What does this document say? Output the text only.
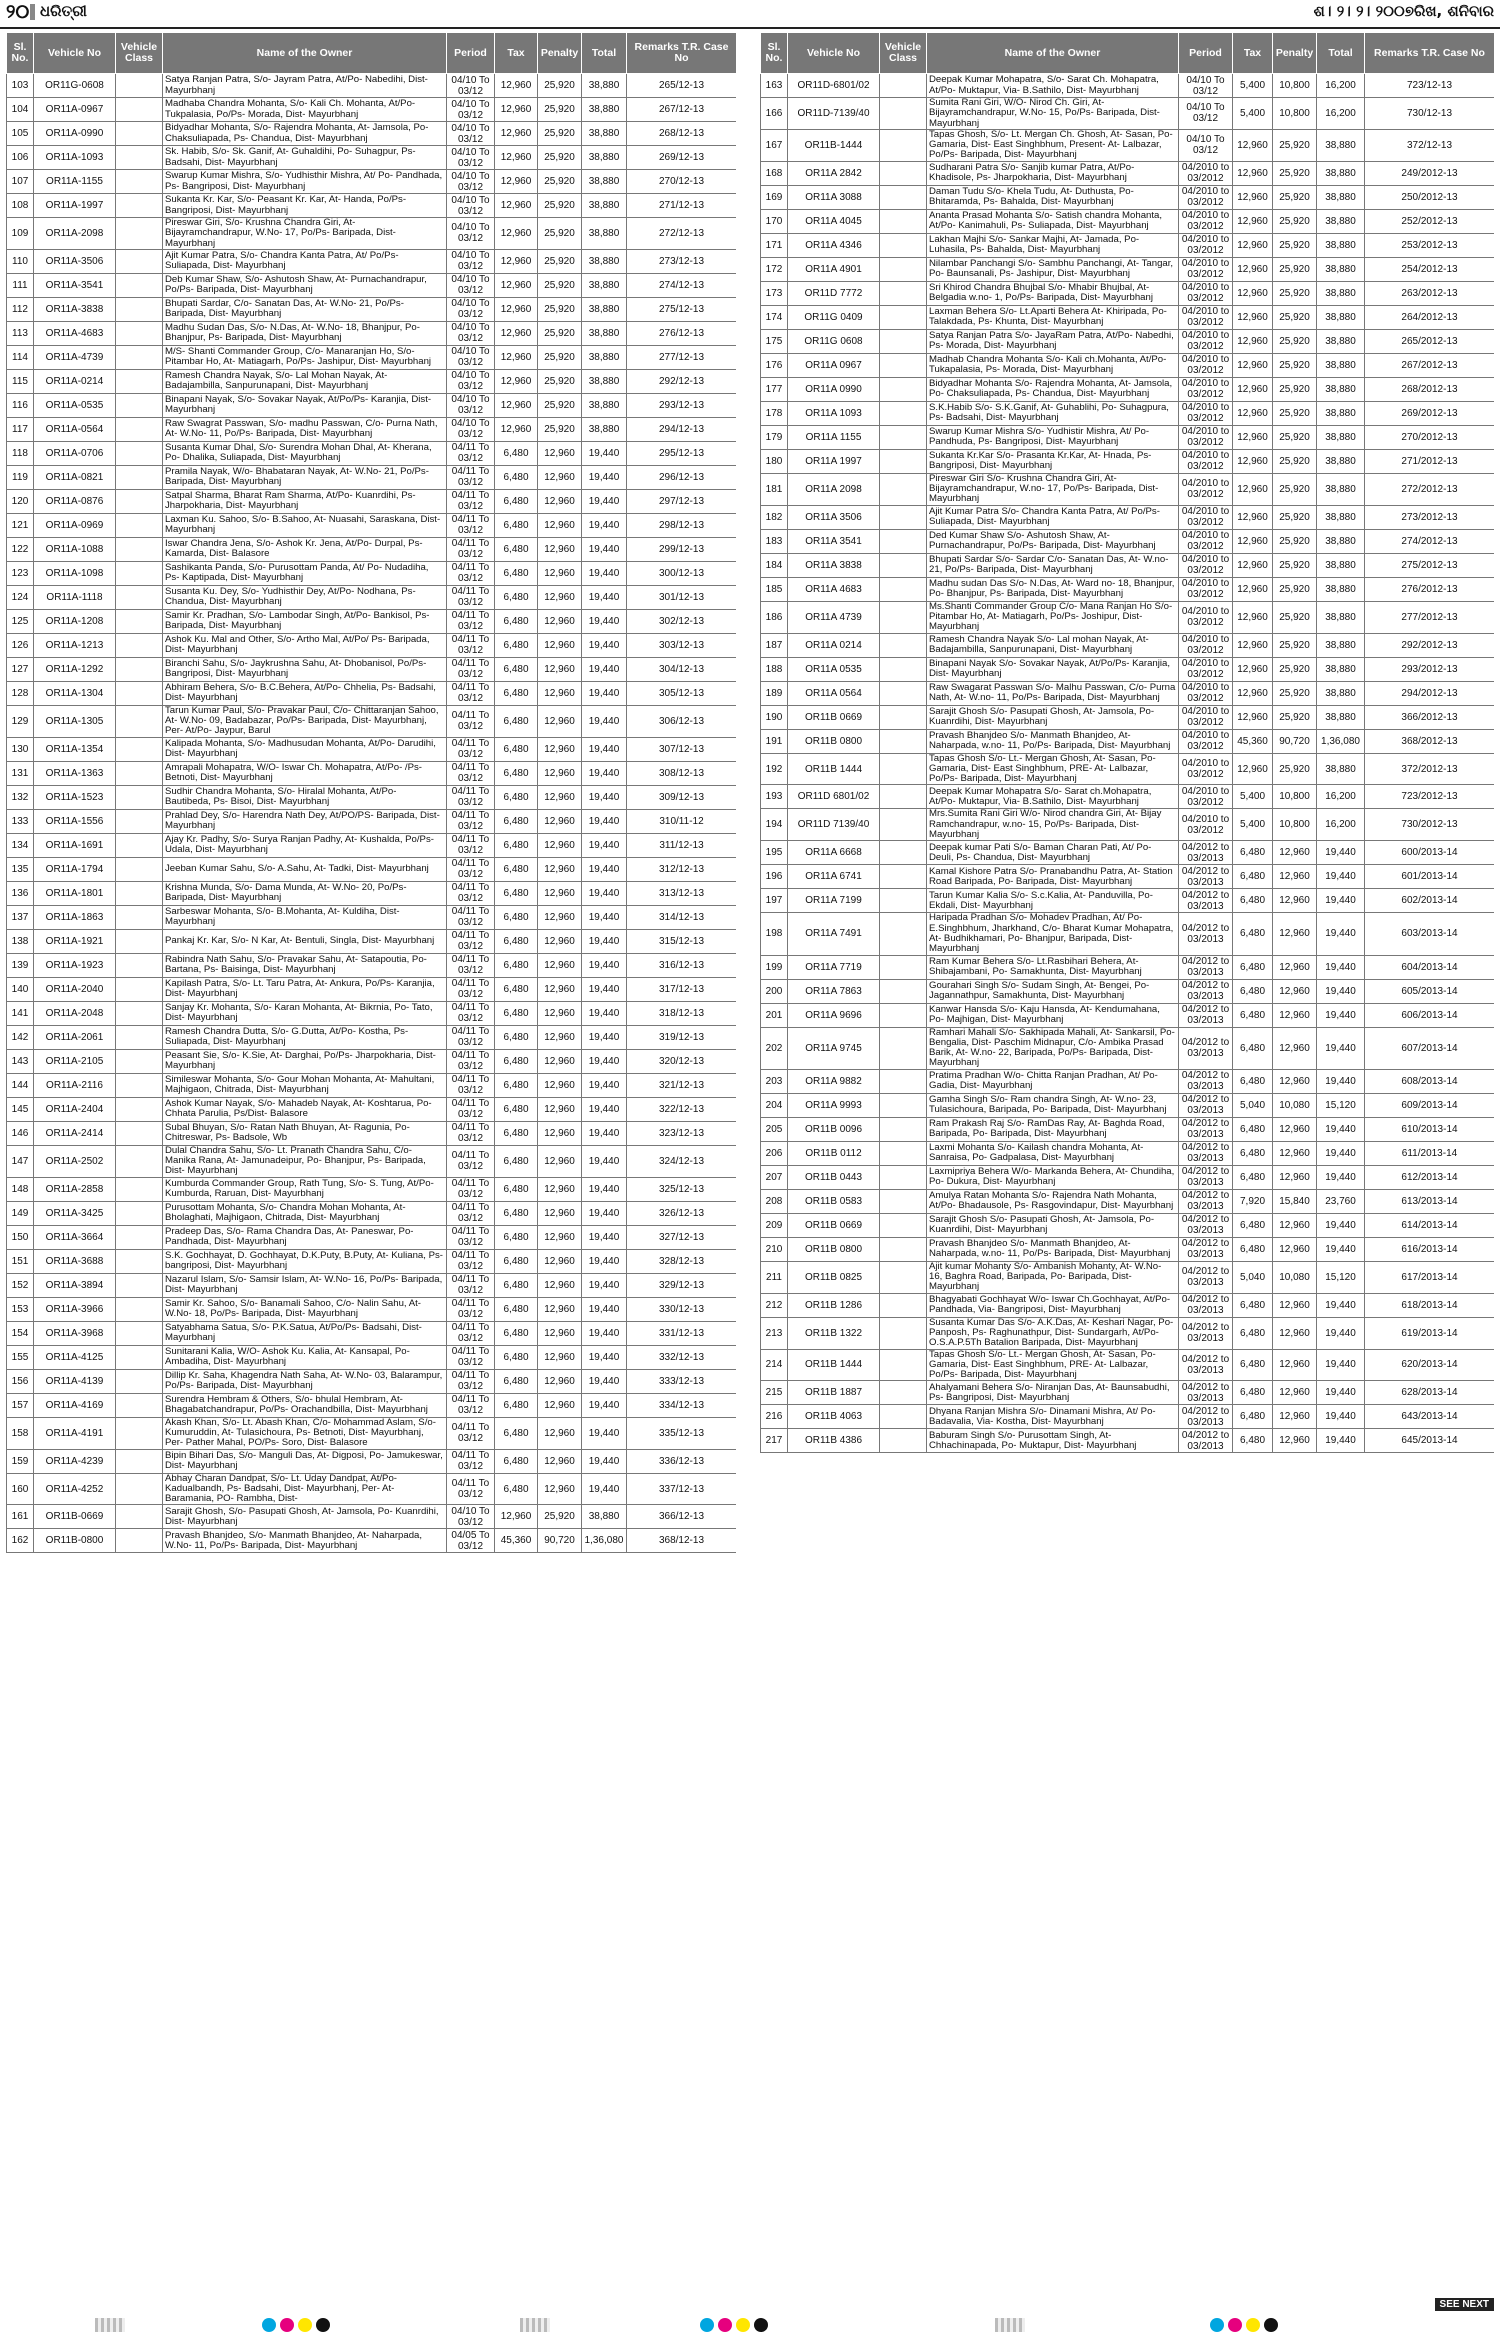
୨୦ ଧରିତ୍ରୀ	ଶ। ୨। ୨। ୨୦୦୭ରିଖ, ଶନିବାର
Sl. No.	Vehicle No	Vehicle Class	Name of the Owner	Period	Tax	Penalty	Total	Remarks T.R. Case No
103	OR11G-0608		Satya Ranjan Patra, S/o- Jayram Patra, At/Po- Nabedihi, Dist- Mayurbhanj	04/10 To 03/12	12,960	25,920	38,880	265/12-13
104	OR11A-0967		Madhaba Chandra Mohanta, S/o- Kali Ch. Mohanta, At/Po- Tukpalasia, Po/Ps- Morada, Dist- Mayurbhanj	04/10 To 03/12	12,960	25,920	38,880	267/12-13
105	OR11A-0990		Bidyadhar Mohanta, S/o- Rajendra Mohanta, At- Jamsola, Po- Chaksuliapada, Ps- Chandua, Dist- Mayurbhanj	04/10 To 03/12	12,960	25,920	38,880	268/12-13
106	OR11A-1093		Sk. Habib, S/o- Sk. Ganif, At- Guhaldihi, Po- Suhagpur, Ps- Badsahi, Dist- Mayurbhanj	04/10 To 03/12	12,960	25,920	38,880	269/12-13
107	OR11A-1155		Swarup Kumar Mishra, S/o- Yudhisthir Mishra, At/ Po- Pandhada, Ps- Bangriposi, Dist- Mayurbhanj	04/10 To 03/12	12,960	25,920	38,880	270/12-13
108	OR11A-1997		Sukanta Kr. Kar, S/o- Peasant Kr. Kar, At- Handa, Po/Ps- Bangriposi, Dist- Mayurbhanj	04/10 To 03/12	12,960	25,920	38,880	271/12-13
109	OR11A-2098		Pireswar Giri, S/o- Krushna Chandra Giri, At- Bijayramchandrapur, W.No- 17, Po/Ps- Baripada, Dist- Mayurbhanj	04/10 To 03/12	12,960	25,920	38,880	272/12-13
110	OR11A-3506		Ajit Kumar Patra, S/o- Chandra Kanta Patra, At/ Po/Ps- Suliapada, Dist- Mayurbhanj	04/10 To 03/12	12,960	25,920	38,880	273/12-13
111	OR11A-3541		Deb Kumar Shaw, S/o- Ashutosh Shaw, At- Purnachandrapur, Po/Ps- Baripada, Dist- Mayurbhanj	04/10 To 03/12	12,960	25,920	38,880	274/12-13
112	OR11A-3838		Bhupati Sardar, C/o- Sanatan Das, At- W.No- 21, Po/Ps- Baripada, Dist- Mayurbhanj	04/10 To 03/12	12,960	25,920	38,880	275/12-13
113	OR11A-4683		Madhu Sudan Das, S/o- N.Das, At- W.No- 18, Bhanjpur, Po- Bhanjpur, Ps- Baripada, Dist- Mayurbhanj	04/10 To 03/12	12,960	25,920	38,880	276/12-13
114	OR11A-4739		M/S- Shanti Commander Group, C/o- Manaranjan Ho, S/o- Pitambar Ho, At- Matiagarh, Po/Ps- Jashipur, Dist- Mayurbhanj	04/10 To 03/12	12,960	25,920	38,880	277/12-13
115	OR11A-0214		Ramesh Chandra Nayak, S/o- Lal Mohan Nayak, At- Badajambilla, Sanpurunapani, Dist- Mayurbhanj	04/10 To 03/12	12,960	25,920	38,880	292/12-13
116	OR11A-0535		Binapani Nayak, S/o- Sovakar Nayak, At/Po/Ps- Karanjia, Dist- Mayurbhanj	04/10 To 03/12	12,960	25,920	38,880	293/12-13
117	OR11A-0564		Raw Swagrat Passwan, S/o- madhu Passwan, C/o- Purna Nath, At- W.No- 11, Po/Ps- Baripada, Dist- Mayurbhanj	04/10 To 03/12	12,960	25,920	38,880	294/12-13
118	OR11A-0706		Susanta Kumar Dhal, S/o- Surendra Mohan Dhal, At- Kherana, Po- Dhalika, Suliapada, Dist- Mayurbhanj	04/11 To 03/12	6,480	12,960	19,440	295/12-13
119	OR11A-0821		Pramila Nayak, W/o- Bhabataran Nayak, At- W.No- 21, Po/Ps- Baripada, Dist- Mayurbhanj	04/11 To 03/12	6,480	12,960	19,440	296/12-13
120	OR11A-0876		Satpal Sharma, Bharat Ram Sharma, At/Po- Kuanrdihi, Ps- Jharpokharia, Dist- Mayurbhanj	04/11 To 03/12	6,480	12,960	19,440	297/12-13
121	OR11A-0969		Laxman Ku. Sahoo, S/o- B.Sahoo, At- Nuasahi, Saraskana, Dist- Mayurbhanj	04/11 To 03/12	6,480	12,960	19,440	298/12-13
122	OR11A-1088		Iswar Chandra Jena, S/o- Ashok Kr. Jena, At/Po- Durpal, Ps- Kamarda, Dist- Balasore	04/11 To 03/12	6,480	12,960	19,440	299/12-13
123	OR11A-1098		Sashikanta Panda, S/o- Purusottam Panda, At/ Po- Nudadiha, Ps- Kaptipada, Dist- Mayurbhanj	04/11 To 03/12	6,480	12,960	19,440	300/12-13
124	OR11A-1118		Susanta Ku. Dey, S/o- Yudhisthir Dey, At/Po- Nodhana, Ps- Chandua, Dist- Mayurbhanj	04/11 To 03/12	6,480	12,960	19,440	301/12-13
125	OR11A-1208		Samir Kr. Pradhan, S/o- Lambodar Singh, At/Po- Bankisol, Ps- Baripada, Dist- Mayurbhanj	04/11 To 03/12	6,480	12,960	19,440	302/12-13
126	OR11A-1213		Ashok Ku. Mal and Other, S/o- Artho Mal, At/Po/ Ps- Baripada, Dist- Mayurbhanj	04/11 To 03/12	6,480	12,960	19,440	303/12-13
127	OR11A-1292		Biranchi Sahu, S/o- Jaykrushna Sahu, At- Dhobanisol, Po/Ps- Bangriposi, Dist- Mayurbhanj	04/11 To 03/12	6,480	12,960	19,440	304/12-13
128	OR11A-1304		Abhiram Behera, S/o- B.C.Behera, At/Po- Chhelia, Ps- Badsahi, Dist- Mayurbhanj	04/11 To 03/12	6,480	12,960	19,440	305/12-13
129	OR11A-1305		Tarun Kumar Paul, S/o- Pravakar Paul, C/o- Chittaranjan Sahoo, At- W.No- 09, Badabazar, Po/Ps- Baripada, Dist- Mayurbhanj, Per- At/Po- Jaypur, Barul	04/11 To 03/12	6,480	12,960	19,440	306/12-13
130	OR11A-1354		Kalipada Mohanta, S/o- Madhusudan Mohanta, At/Po- Darudihi, Dist- Mayurbhanj	04/11 To 03/12	6,480	12,960	19,440	307/12-13
131	OR11A-1363		Amrapali Mohapatra, W/O- Iswar Ch. Mohapatra, At/Po- /Ps- Betnoti, Dist- Mayurbhanj	04/11 To 03/12	6,480	12,960	19,440	308/12-13
132	OR11A-1523		Sudhir Chandra Mohanta, S/o- Hiralal Mohanta, At/Po- Bautibeda, Ps- Bisoi, Dist- Mayurbhanj	04/11 To 03/12	6,480	12,960	19,440	309/12-13
133	OR11A-1556		Prahlad Dey, S/o- Harendra Nath Dey, At/PO/PS- Baripada, Dist- Mayurbhanj	04/11 To 03/12	6,480	12,960	19,440	310/11-12
134	OR11A-1691		Ajay Kr. Padhy, S/o- Surya Ranjan Padhy, At- Kushalda, Po/Ps- Udala, Dist- Mayurbhanj	04/11 To 03/12	6,480	12,960	19,440	311/12-13
135	OR11A-1794		Jeeban Kumar Sahu, S/o- A.Sahu, At- Tadki, Dist- Mayurbhanj	04/11 To 03/12	6,480	12,960	19,440	312/12-13
136	OR11A-1801		Krishna Munda, S/o- Dama Munda, At- W.No- 20, Po/Ps- Baripada, Dist- Mayurbhanj	04/11 To 03/12	6,480	12,960	19,440	313/12-13
137	OR11A-1863		Sarbeswar Mohanta, S/o- B.Mohanta, At- Kuldiha, Dist- Mayurbhanj	04/11 To 03/12	6,480	12,960	19,440	314/12-13
138	OR11A-1921		Pankaj Kr. Kar, S/o- N Kar, At- Bentuli, Singla, Dist- Mayurbhanj	04/11 To 03/12	6,480	12,960	19,440	315/12-13
139	OR11A-1923		Rabindra Nath Sahu, S/o- Pravakar Sahu, At- Satapoutia, Po- Bartana, Ps- Baisinga, Dist- Mayurbhanj	04/11 To 03/12	6,480	12,960	19,440	316/12-13
140	OR11A-2040		Kapilash Patra, S/o- Lt. Taru Patra, At- Ankura, Po/Ps- Karanjia, Dist- Mayurbhanj	04/11 To 03/12	6,480	12,960	19,440	317/12-13
141	OR11A-2048		Sanjay Kr. Mohanta, S/o- Karan Mohanta, At- Bikrnia, Po- Tato, Dist- Mayurbhanj	04/11 To 03/12	6,480	12,960	19,440	318/12-13
142	OR11A-2061		Ramesh Chandra Dutta, S/o- G.Dutta, At/Po- Kostha, Ps- Suliapada, Dist- Mayurbhanj	04/11 To 03/12	6,480	12,960	19,440	319/12-13
143	OR11A-2105		Peasant Sie, S/o- K.Sie, At- Darghai, Po/Ps- Jharpokharia, Dist- Mayurbhanj	04/11 To 03/12	6,480	12,960	19,440	320/12-13
144	OR11A-2116		Simileswar Mohanta, S/o- Gour Mohan Mohanta, At- Mahultani, Majhigaon, Chitrada, Dist- Mayurbhanj	04/11 To 03/12	6,480	12,960	19,440	321/12-13
145	OR11A-2404		Ashok Kumar Nayak, S/o- Mahadeb Nayak, At- Koshtarua, Po- Chhata Parulia, Ps/Dist- Balasore	04/11 To 03/12	6,480	12,960	19,440	322/12-13
146	OR11A-2414		Subal Bhuyan, S/o- Ratan Nath Bhuyan, At- Ragunia, Po- Chitreswar, Ps- Badsole, Wb	04/11 To 03/12	6,480	12,960	19,440	323/12-13
147	OR11A-2502		Dulal Chandra Sahu, S/o- Lt. Pranath Chandra Sahu, C/o- Manika Rana, At- Jamunadeipur, Po- Bhanjpur, Ps- Baripada, Dist- Mayurbhanj	04/11 To 03/12	6,480	12,960	19,440	324/12-13
148	OR11A-2858		Kumburda Commander Group, Rath Tung, S/o- S. Tung, At/Po- Kumburda, Raruan, Dist- Mayurbhanj	04/11 To 03/12	6,480	12,960	19,440	325/12-13
149	OR11A-3425		Purusottam Mohanta, S/o- Chandra Mohan Mohanta, At- Bholaghati, Majhigaon, Chitrada, Dist- Mayurbhanj	04/11 To 03/12	6,480	12,960	19,440	326/12-13
150	OR11A-3664		Pradeep Das, S/o- Rama Chandra Das, At- Paneswar, Po- Pandhada, Dist- Mayurbhanj	04/11 To 03/12	6,480	12,960	19,440	327/12-13
151	OR11A-3688		S.K. Gochhayat, D. Gochhayat, D.K.Puty, B.Puty, At- Kuliana, Ps- bangriposi, Dist- Mayurbhanj	04/11 To 03/12	6,480	12,960	19,440	328/12-13
152	OR11A-3894		Nazarul Islam, S/o- Samsir Islam, At- W.No- 16, Po/Ps- Baripada, Dist- Mayurbhanj	04/11 To 03/12	6,480	12,960	19,440	329/12-13
153	OR11A-3966		Samir Kr. Sahoo, S/o- Banamali Sahoo, C/o- Nalin Sahu, At- W.No- 18, Po/Ps- Baripada, Dist- Mayurbhanj	04/11 To 03/12	6,480	12,960	19,440	330/12-13
154	OR11A-3968		Satyabhama Satua, S/o- P.K.Satua, At/Po/Ps- Badsahi, Dist- Mayurbhanj	04/11 To 03/12	6,480	12,960	19,440	331/12-13
155	OR11A-4125		Sunitarani Kalia, W/O- Ashok Ku. Kalia, At- Kansapal, Po- Ambadiha, Dist- Mayurbhanj	04/11 To 03/12	6,480	12,960	19,440	332/12-13
156	OR11A-4139		Dillip Kr. Saha, Khagendra Nath Saha, At- W.No- 03, Balarampur, Po/Ps- Baripada, Dist- Mayurbhanj	04/11 To 03/12	6,480	12,960	19,440	333/12-13
157	OR11A-4169		Surendra Hembram & Others, S/o- bhulal Hembram, At- Bhagabatchandrapur, Po/Ps- Orachandbilla, Dist- Mayurbhanj	04/11 To 03/12	6,480	12,960	19,440	334/12-13
158	OR11A-4191		Akash Khan, S/o- Lt. Abash Khan, C/o- Mohammad Aslam, S/o- Kumuruddin, At- Tulasichoura, Ps- Betnoti, Dist- Mayurbhanj, Per- Pather Mahal, PO/Ps- Soro, Dist- Balasore	04/11 To 03/12	6,480	12,960	19,440	335/12-13
159	OR11A-4239		Bipin Bihari Das, S/o- Manguli Das, At- Digposi, Po- Jamukeswar, Dist- Mayurbhanj	04/11 To 03/12	6,480	12,960	19,440	336/12-13
160	OR11A-4252		Abhay Charan Dandpat, S/o- Lt. Uday Dandpat, At/Po- Kadualbandh, Ps- Badsahi, Dist- Mayurbhanj, Per- At- Baramania, PO- Rambha, Dist-	04/11 To 03/12	6,480	12,960	19,440	337/12-13
161	OR11B-0669		Sarajit Ghosh, S/o- Pasupati Ghosh, At- Jamsola, Po- Kuanrdihi, Dist- Mayurbhanj	04/10 To 03/12	12,960	25,920	38,880	366/12-13
162	OR11B-0800		Pravash Bhanjdeo, S/o- Manmath Bhanjdeo, At- Naharpada, W.No- 11, Po/Ps- Baripada, Dist- Mayurbhanj	04/05 To 03/12	45,360	90,720	1,36,080	368/12-13
Sl. No.	Vehicle No	Vehicle Class	Name of the Owner	Period	Tax	Penalty	Total	Remarks T.R. Case No
163	OR11D-6801/02		Deepak Kumar Mohapatra, S/o- Sarat Ch. Mohapatra, At/Po- Muktapur, Via- B.Sathilo, Dist- Mayurbhanj	04/10 To 03/12	5,400	10,800	16,200	723/12-13
166	OR11D-7139/40		Sumita Rani Giri, W/O- Nirod Ch. Giri, At- Bijayramchandrapur, W.No- 15, Po/Ps- Baripada, Dist- Mayurbhanj	04/10 To 03/12	5,400	10,800	16,200	730/12-13
167	OR11B-1444		Tapas Ghosh, S/o- Lt. Mergan Ch. Ghosh, At- Sasan, Po- Gamaria, Dist- East Singhbhum, Present- At- Lalbazar, Po/Ps- Baripada, Dist- Mayurbhanj	04/10 To 03/12	12,960	25,920	38,880	372/12-13
168	OR11A 2842		Sudharani Patra S/o- Sanjib kumar Patra, At/Po- Khadisole, Ps- Jharpokharia, Dist- Mayurbhanj	04/2010 to 03/2012	12,960	25,920	38,880	249/2012-13
169	OR11A 3088		Daman Tudu S/o- Khela Tudu, At- Duthusta, Po- Bhitaramda, Ps- Bahalda, Dist- Mayurbhanj	04/2010 to 03/2012	12,960	25,920	38,880	250/2012-13
170	OR11A 4045		Ananta Prasad Mohanta S/o- Satish chandra Mohanta, At/Po- Kanimahuli, Ps- Suliapada, Dist- Mayurbhanj	04/2010 to 03/2012	12,960	25,920	38,880	252/2012-13
171	OR11A 4346		Lakhan Majhi S/o- Sankar Majhi, At- Jamada, Po- Luhasila, Ps- Bahalda, Dist- Mayurbhanj	04/2010 to 03/2012	12,960	25,920	38,880	253/2012-13
172	OR11A 4901		Nilambar Panchangi S/o- Sambhu Panchangi, At- Tangar, Po- Baunsanali, Ps- Jashipur, Dist- Mayurbhanj	04/2010 to 03/2012	12,960	25,920	38,880	254/2012-13
173	OR11D 7772		Sri Khirod Chandra Bhujbal S/o- Mhabir Bhujbal, At- Belgadia w.no- 1, Po/Ps- Baripada, Dist- Mayurbhanj	04/2010 to 03/2012	12,960	25,920	38,880	263/2012-13
174	OR11G 0409		Laxman Behera S/o- Lt.Aparti Behera At- Khiripada, Po- Talakdada, Ps- Khunta, Dist- Mayurbhanj	04/2010 to 03/2012	12,960	25,920	38,880	264/2012-13
175	OR11G 0608		Satya Ranjan Patra S/o- JayaRam Patra, At/Po- Nabedhi, Ps- Morada, Dist- Mayurbhanj	04/2010 to 03/2012	12,960	25,920	38,880	265/2012-13
176	OR11A 0967		Madhab Chandra Mohanta S/o- Kali ch.Mohanta, At/Po- Tukapalasia, Ps- Morada, Dist- Mayurbhanj	04/2010 to 03/2012	12,960	25,920	38,880	267/2012-13
177	OR11A 0990		Bidyadhar Mohanta S/o- Rajendra Mohanta, At- Jamsola, Po- Chaksuliapada, Ps- Chandua, Dist- Mayurbhanj	04/2010 to 03/2012	12,960	25,920	38,880	268/2012-13
178	OR11A 1093		S.K.Habib S/o- S.K.Ganif, At- Guhablihi, Po- Suhagpura, Ps- Badsahi, Dist- Mayurbhanj	04/2010 to 03/2012	12,960	25,920	38,880	269/2012-13
179	OR11A 1155		Swarup Kumar Mishra S/o- Yudhistir Mishra, At/ Po- Pandhuda, Ps- Bangriposi, Dist- Mayurbhanj	04/2010 to 03/2012	12,960	25,920	38,880	270/2012-13
180	OR11A 1997		Sukanta Kr.Kar S/o- Prasanta Kr.Kar, At- Hnada, Ps- Bangriposi, Dist- Mayurbhanj	04/2010 to 03/2012	12,960	25,920	38,880	271/2012-13
181	OR11A 2098		Pireswar Giri S/o- Krushna Chandra Giri, At- Bijayramchandrapur, W.no- 17, Po/Ps- Baripada, Dist- Mayurbhanj	04/2010 to 03/2012	12,960	25,920	38,880	272/2012-13
182	OR11A 3506		Ajit Kumar Patra S/o- Chandra Kanta Patra, At/ Po/Ps- Suliapada, Dist- Mayurbhanj	04/2010 to 03/2012	12,960	25,920	38,880	273/2012-13
183	OR11A 3541		Ded Kumar Shaw S/o- Ashutosh Shaw, At- Purnachandrapur, Po/Ps- Baripada, Dist- Mayurbhanj	04/2010 to 03/2012	12,960	25,920	38,880	274/2012-13
184	OR11A 3838		Bhupati Sardar S/o- Sardar C/o- Sanatan Das, At- W.no- 21, Po/Ps- Baripada, Dist- Mayurbhanj	04/2010 to 03/2012	12,960	25,920	38,880	275/2012-13
185	OR11A 4683		Madhu sudan Das S/o- N.Das, At- Ward no- 18, Bhanjpur, Po- Bhanjpur, Ps- Baripada, Dist- Mayurbhanj	04/2010 to 03/2012	12,960	25,920	38,880	276/2012-13
186	OR11A 4739		Ms.Shanti Commander Group C/o- Mana Ranjan Ho S/o- Pitambar Ho, At- Matiagarh, Po/Ps- Joshipur, Dist- Mayurbhanj	04/2010 to 03/2012	12,960	25,920	38,880	277/2012-13
187	OR11A 0214		Ramesh Chandra Nayak S/o- Lal mohan Nayak, At- Badajambilla, Sanpurunapani, Dist- Mayurbhanj	04/2010 to 03/2012	12,960	25,920	38,880	292/2012-13
188	OR11A 0535		Binapani Nayak S/o- Sovakar Nayak, At/Po/Ps- Karanjia, Dist- Mayurbhanj	04/2010 to 03/2012	12,960	25,920	38,880	293/2012-13
189	OR11A 0564		Raw Swagarat Passwan S/o- Malhu Passwan, C/o- Purna Nath, At- W.no- 11, Po/Ps- Baripada, Dist- Mayurbhanj	04/2010 to 03/2012	12,960	25,920	38,880	294/2012-13
190	OR11B 0669		Sarajit Ghosh S/o- Pasupati Ghosh, At- Jamsola, Po- Kuanrdihi, Dist- Mayurbhanj	04/2010 to 03/2012	12,960	25,920	38,880	366/2012-13
191	OR11B 0800		Pravash Bhanjdeo S/o- Manmath Bhanjdeo, At- Naharpada, w.no- 11, Po/Ps- Baripada, Dist- Mayurbhanj	04/2010 to 03/2012	45,360	90,720	1,36,080	368/2012-13
192	OR11B 1444		Tapas Ghosh S/o- Lt.- Mergan Ghosh, At- Sasan, Po- Gamaria, Dist- East Singhbhum, PRE- At- Lalbazar, Po/Ps- Baripada, Dist- Mayurbhanj	04/2010 to 03/2012	12,960	25,920	38,880	372/2012-13
193	OR11D 6801/02		Deepak Kumar Mohapatra S/o- Sarat ch.Mohapatra, At/Po- Muktapur, Via- B.Sathilo, Dist- Mayurbhanj	04/2010 to 03/2012	5,400	10,800	16,200	723/2012-13
194	OR11D 7139/40		Mrs.Sumita Rani Giri W/o- Nirod chandra Giri, At- Bijay Ramchandrapur, w.no- 15, Po/Ps- Baripada, Dist- Mayurbhanj	04/2010 to 03/2012	5,400	10,800	16,200	730/2012-13
195	OR11A 6668		Deepak kumar Pati S/o- Baman Charan Pati, At/ Po- Deuli, Ps- Chandua, Dist- Mayurbhanj	04/2012 to 03/2013	6,480	12,960	19,440	600/2013-14
196	OR11A 6741		Kamal Kishore Patra S/o- Pranabandhu Patra, At- Station Road Baripada, Po- Baripada, Dist- Mayurbhanj	04/2012 to 03/2013	6,480	12,960	19,440	601/2013-14
197	OR11A 7199		Tarun Kumar Kalia S/o- S.c.Kalia, At- Panduvilla, Po- Ekdali, Dist- Mayurbhanj	04/2012 to 03/2013	6,480	12,960	19,440	602/2013-14
198	OR11A 7491		Haripada Pradhan S/o- Mohadev Pradhan, At/ Po- E.Singhbhum, Jharkhand, C/o- Bharat Kumar Mohapatra, At- Budhikhamari, Po- Bhanjpur, Baripada, Dist- Mayurbhanj	04/2012 to 03/2013	6,480	12,960	19,440	603/2013-14
199	OR11A 7719		Ram Kumar Behera S/o- Lt.Rasbihari Behera, At- Shibajambani, Po- Samakhunta, Dist- Mayurbhanj	04/2012 to 03/2013	6,480	12,960	19,440	604/2013-14
200	OR11A 7863		Gourahari Singh S/o- Sudam Singh, At- Bengei, Po- Jagannathpur, Samakhunta, Dist- Mayurbhanj	04/2012 to 03/2013	6,480	12,960	19,440	605/2013-14
201	OR11A 9696		Kanwar Hansda S/o- Kaju Hansda, At- Kendumahana, Po- Majhigan, Dist- Mayurbhanj	04/2012 to 03/2013	6,480	12,960	19,440	606/2013-14
202	OR11A 9745		Ramhari Mahali S/o- Sakhipada Mahali, At- Sankarsil, Po- Bengalia, Dist- Paschim Midnapur, C/o- Ambika Prasad Barik, At- W.no- 22, Baripada, Po/Ps- Baripada, Dist- Mayurbhanj	04/2012 to 03/2013	6,480	12,960	19,440	607/2013-14
203	OR11A 9882		Pratima Pradhan W/o- Chitta Ranjan Pradhan, At/ Po- Gadia, Dist- Mayurbhanj	04/2012 to 03/2013	6,480	12,960	19,440	608/2013-14
204	OR11A 9993		Gamha Singh S/o- Ram chandra Singh, At- W.no- 23, Tulasichoura, Baripada, Po- Baripada, Dist- Mayurbhanj	04/2012 to 03/2013	5,040	10,080	15,120	609/2013-14
205	OR11B 0096		Ram Prakash Raj S/o- RamDas Ray, At- Baghda Road, Baripada, Po- Baripada, Dist- Mayurbhanj	04/2012 to 03/2013	6,480	12,960	19,440	610/2013-14
206	OR11B 0112		Laxmi Mohanta S/o- Kailash chandra Mohanta, At- Sanraisa, Po- Gadpalasa, Dist- Mayurbhanj	04/2012 to 03/2013	6,480	12,960	19,440	611/2013-14
207	OR11B 0443		Laxmipriya Behera W/o- Markanda Behera, At- Chundiha, Po- Dukura, Dist- Mayurbhanj	04/2012 to 03/2013	6,480	12,960	19,440	612/2013-14
208	OR11B 0583		Amulya Ratan Mohanta S/o- Rajendra Nath Mohanta, At/Po- Bhadausole, Ps- Rasgovindapur, Dist- Mayurbhanj	04/2012 to 03/2013	7,920	15,840	23,760	613/2013-14
209	OR11B 0669		Sarajit Ghosh S/o- Pasupati Ghosh, At- Jamsola, Po- Kuanrdihi, Dist- Mayurbhanj	04/2012 to 03/2013	6,480	12,960	19,440	614/2013-14
210	OR11B 0800		Pravash Bhanjdeo S/o- Manmath Bhanjdeo, At- Naharpada, w.no- 11, Po/Ps- Baripada, Dist- Mayurbhanj	04/2012 to 03/2013	6,480	12,960	19,440	616/2013-14
211	OR11B 0825		Ajit kumar Mohanty S/o- Ambanish Mohanty, At- W.No- 16, Baghra Road, Baripada, Po- Baripada, Dist- Mayurbhanj	04/2012 to 03/2013	5,040	10,080	15,120	617/2013-14
212	OR11B 1286		Bhagyabati Gochhayat W/o- Iswar Ch.Gochhayat, At/Po- Pandhada, Via- Bangriposi, Dist- Mayurbhanj	04/2012 to 03/2013	6,480	12,960	19,440	618/2013-14
213	OR11B 1322		Susanta Kumar Das S/o- A.K.Das, At- Keshari Nagar, Po- Panposh, Ps- Raghunathpur, Dist- Sundargarh, At/Po- O.S.A.P.5Th Batalion Baripada, Dist- Mayurbhanj	04/2012 to 03/2013	6,480	12,960	19,440	619/2013-14
214	OR11B 1444		Tapas Ghosh S/o- Lt.- Mergan Ghosh, At- Sasan, Po- Gamaria, Dist- East Singhbhum, PRE- At- Lalbazar, Po/Ps- Baripada, Dist- Mayurbhanj	04/2012 to 03/2013	6,480	12,960	19,440	620/2013-14
215	OR11B 1887		Ahalyamani Behera S/o- Niranjan Das, At- Baunsabudhi, Ps- Bangriposi, Dist- Mayurbhanj	04/2012 to 03/2013	6,480	12,960	19,440	628/2013-14
216	OR11B 4063		Dhyana Ranjan Mishra S/o- Dinamani Mishra, At/ Po- Badavalia, Via- Kostha, Dist- Mayurbhanj	04/2012 to 03/2013	6,480	12,960	19,440	643/2013-14
217	OR11B 4386		Baburam Singh S/o- Purusottam Singh, At- Chhachinapada, Po- Muktapur, Dist- Mayurbhanj	04/2012 to 03/2013	6,480	12,960	19,440	645/2013-14
SEE NEXT
